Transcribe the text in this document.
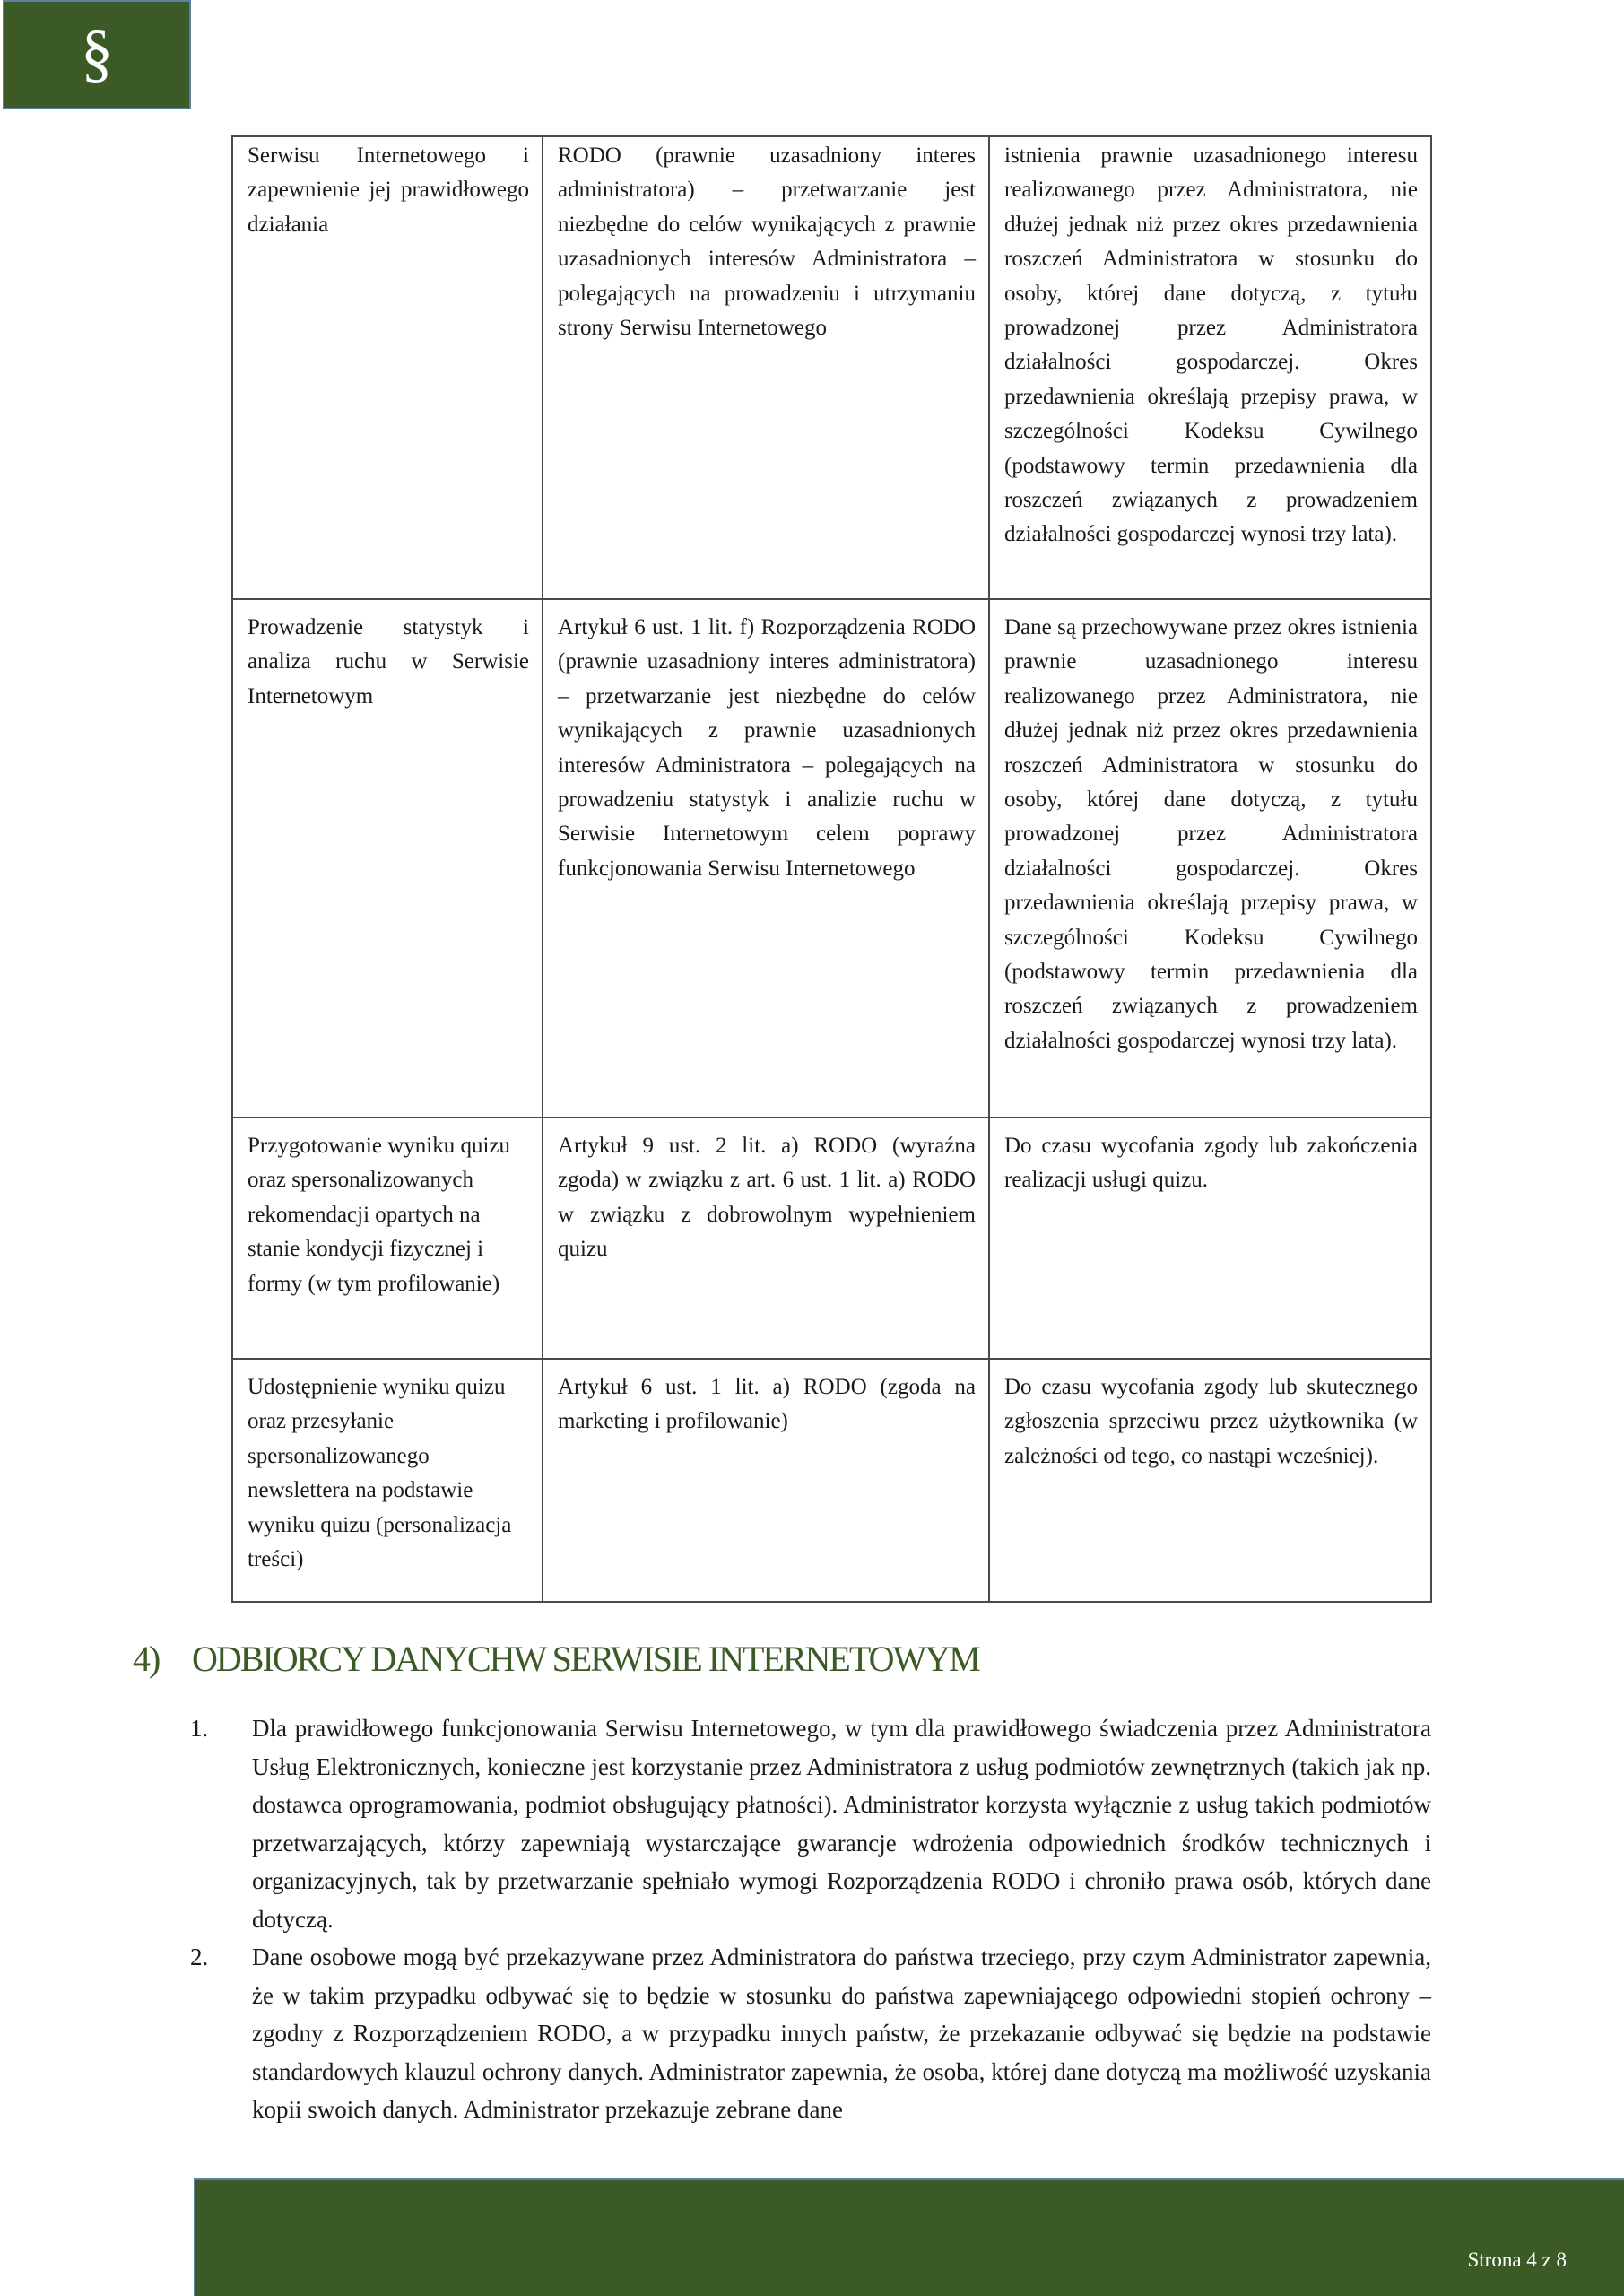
§
Serwisu Internetowego i zapewnienie jej prawidłowego działania	RODO (prawnie uzasadniony interes administratora) – przetwarzanie jest niezbędne do celów wynikających z prawnie uzasadnionych interesów Administratora – polegających na prowadzeniu i utrzymaniu strony Serwisu Internetowego	istnienia prawnie uzasadnionego interesu realizowanego przez Administratora, nie dłużej jednak niż przez okres przedawnienia roszczeń Administratora w stosunku do osoby, której dane dotyczą, z tytułu prowadzonej przez Administratora działalności gospodarczej. Okres przedawnienia określają przepisy prawa, w szczególności Kodeksu Cywilnego (podstawowy termin przedawnienia dla roszczeń związanych z prowadzeniem działalności gospodarczej wynosi trzy lata).
Prowadzenie statystyk i analiza ruchu w Serwisie Internetowym	Artykuł 6 ust. 1 lit. f) Rozporządzenia RODO (prawnie uzasadniony interes administratora) – przetwarzanie jest niezbędne do celów wynikających z prawnie uzasadnionych interesów Administratora – polegających na prowadzeniu statystyk i analizie ruchu w Serwisie Internetowym celem poprawy funkcjonowania Serwisu Internetowego	Dane są przechowywane przez okres istnienia prawnie uzasadnionego interesu realizowanego przez Administratora, nie dłużej jednak niż przez okres przedawnienia roszczeń Administratora w stosunku do osoby, której dane dotyczą, z tytułu prowadzonej przez Administratora działalności gospodarczej. Okres przedawnienia określają przepisy prawa, w szczególności Kodeksu Cywilnego (podstawowy termin przedawnienia dla roszczeń związanych z prowadzeniem działalności gospodarczej wynosi trzy lata).
Przygotowanie wyniku quizu oraz spersonalizowanych rekomendacji opartych na stanie kondycji fizycznej i formy (w tym profilowanie)	Artykuł 9 ust. 2 lit. a) RODO (wyraźna zgoda) w związku z art. 6 ust. 1 lit. a) RODO w związku z dobrowolnym wypełnieniem quizu	Do czasu wycofania zgody lub zakończenia realizacji usługi quizu.
Udostępnienie wyniku quizu oraz przesyłanie spersonalizowanego newslettera na podstawie wyniku quizu (personalizacja treści)	Artykuł 6 ust. 1 lit. a) RODO (zgoda na marketing i profilowanie)	Do czasu wycofania zgody lub skutecznego zgłoszenia sprzeciwu przez użytkownika (w zależności od tego, co nastąpi wcześniej).
4) ODBIORCY DANYCHW SERWISIE INTERNETOWYM
1. Dla prawidłowego funkcjonowania Serwisu Internetowego, w tym dla prawidłowego świadczenia przez Administratora Usług Elektronicznych, konieczne jest korzystanie przez Administratora z usług podmiotów zewnętrznych (takich jak np. dostawca oprogramowania, podmiot obsługujący płatności). Administrator korzysta wyłącznie z usług takich podmiotów przetwarzających, którzy zapewniają wystarczające gwarancje wdrożenia odpowiednich środków technicznych i organizacyjnych, tak by przetwarzanie spełniało wymogi Rozporządzenia RODO i chroniło prawa osób, których dane dotyczą.
2. Dane osobowe mogą być przekazywane przez Administratora do państwa trzeciego, przy czym Administrator zapewnia, że w takim przypadku odbywać się to będzie w stosunku do państwa zapewniającego odpowiedni stopień ochrony – zgodny z Rozporządzeniem RODO, a w przypadku innych państw, że przekazanie odbywać się będzie na podstawie standardowych klauzul ochrony danych. Administrator zapewnia, że osoba, której dane dotyczą ma możliwość uzyskania kopii swoich danych. Administrator przekazuje zebrane dane
Strona 4 z 8
